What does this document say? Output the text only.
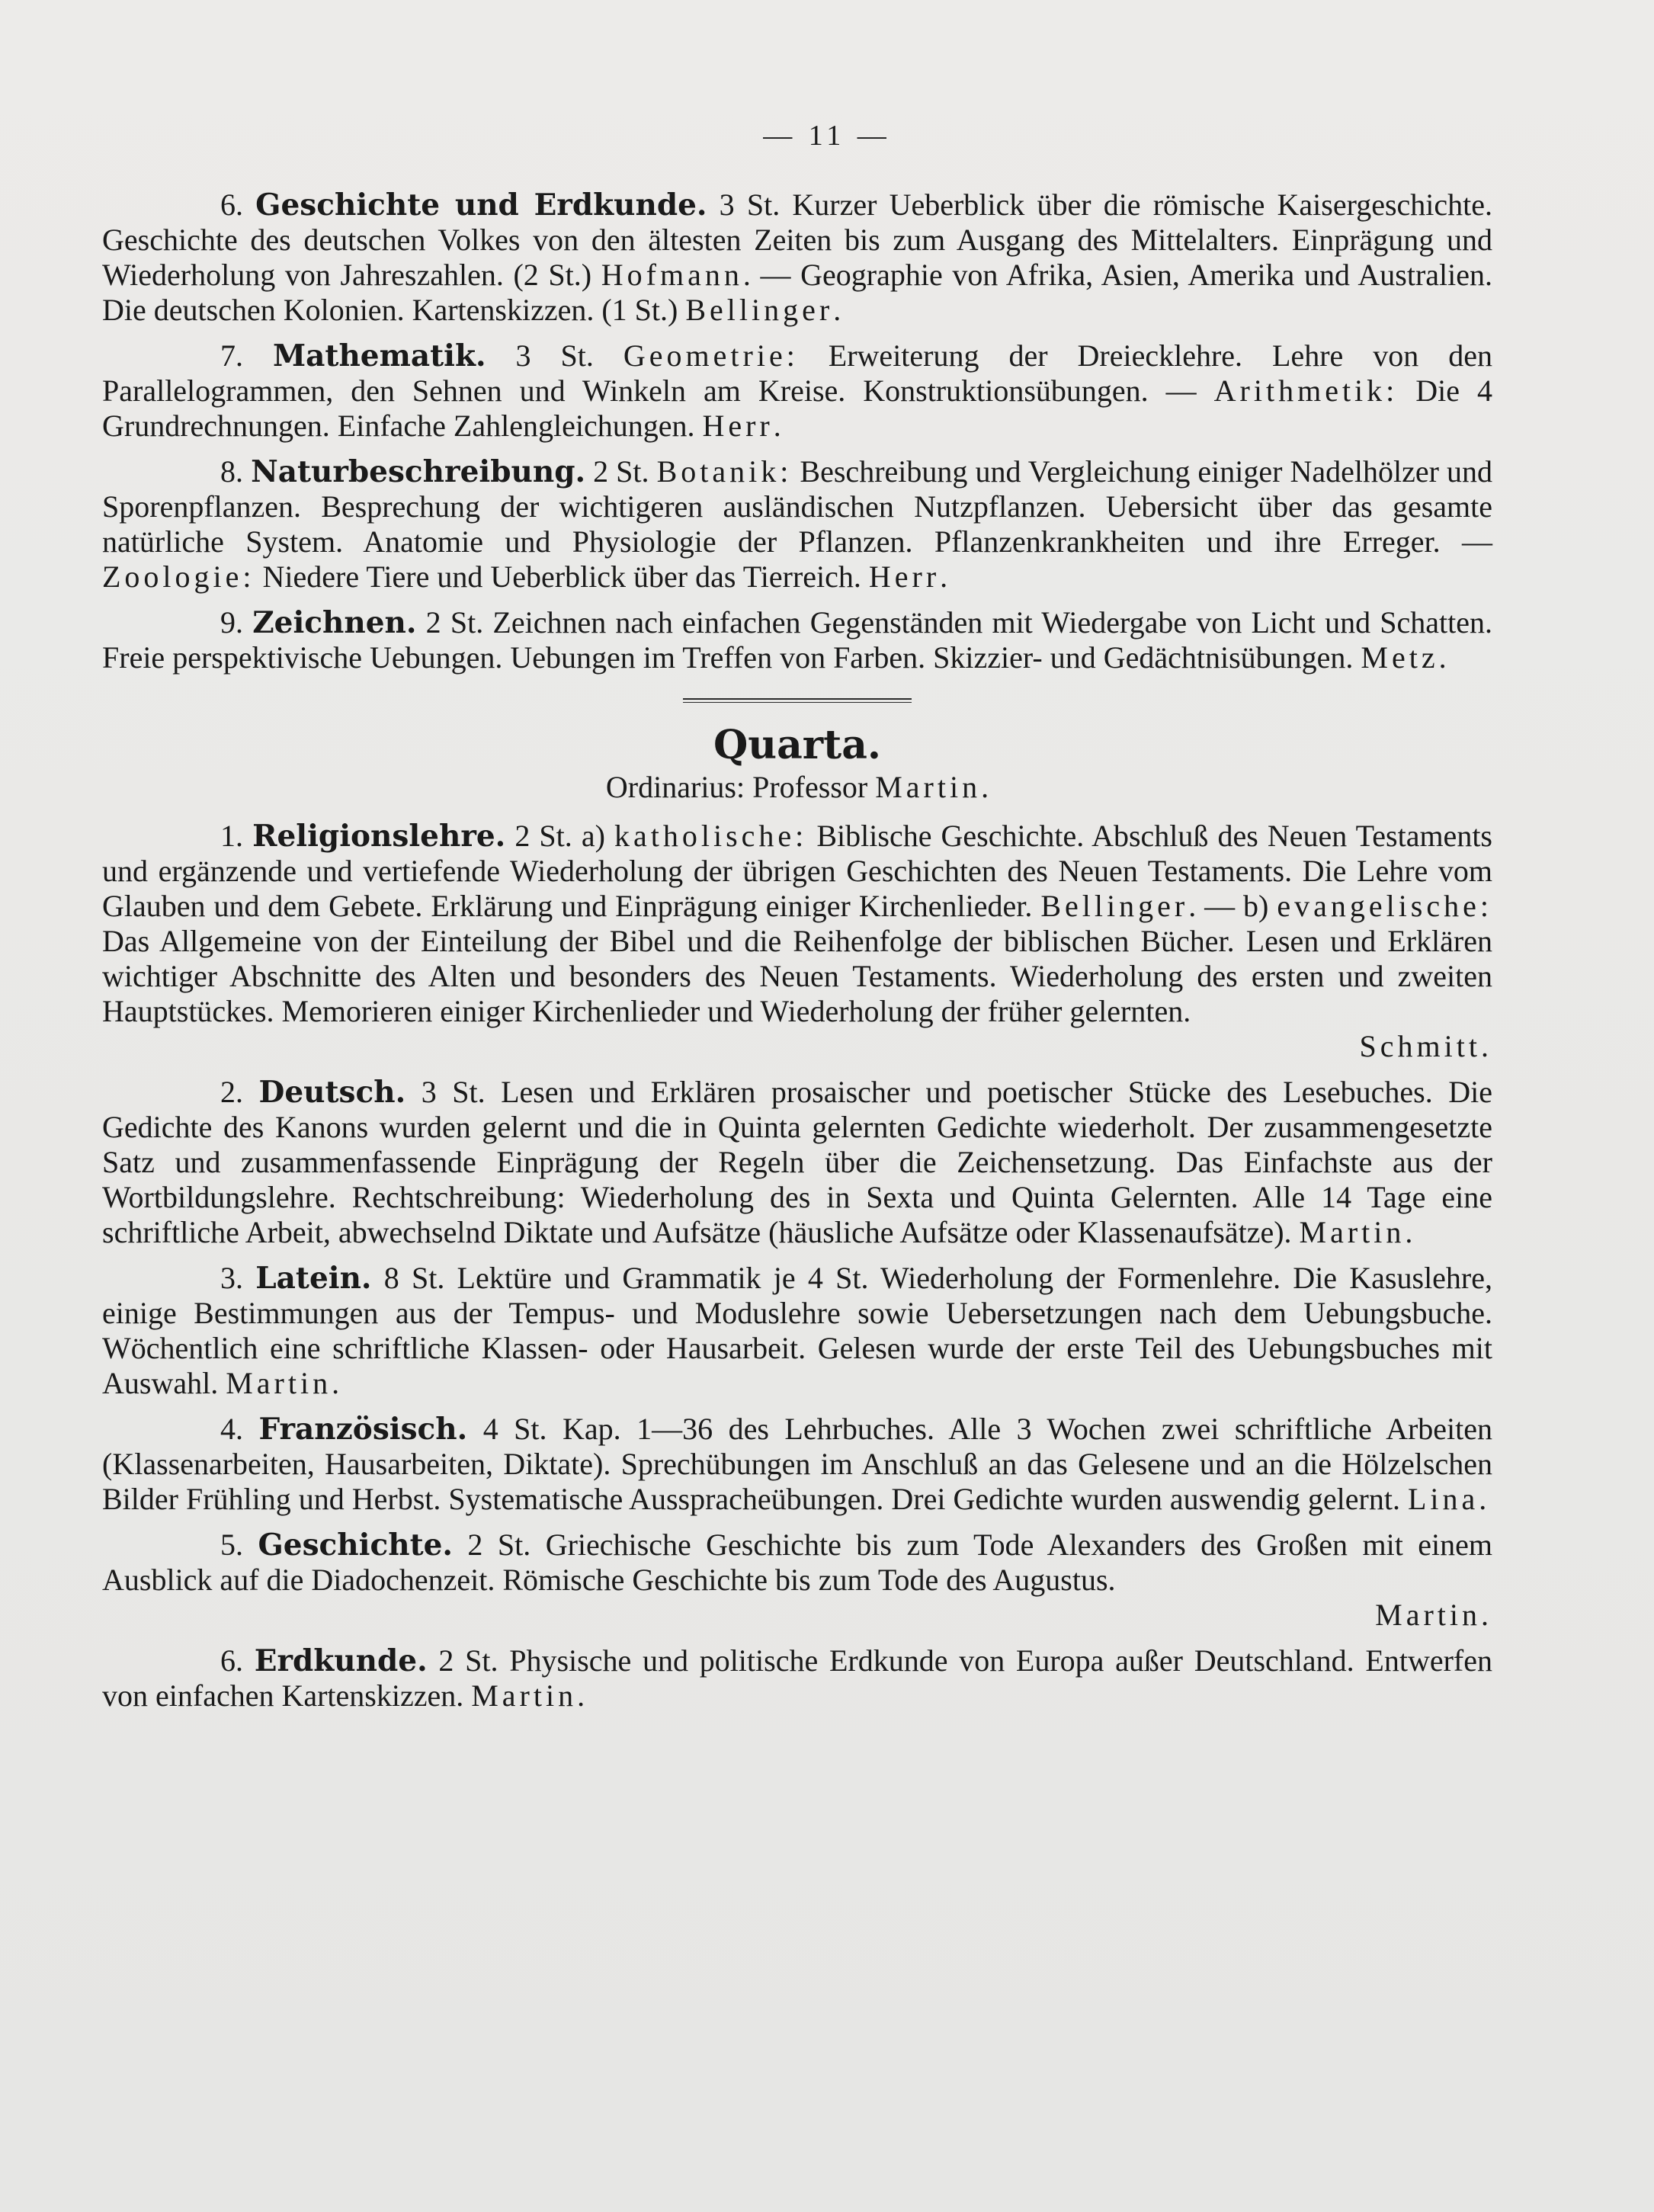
— 11 —

6. Geschichte und Erdkunde. 3 St. Kurzer Ueberblick über die römische Kaisergeschichte. Geschichte des deutschen Volkes von den ältesten Zeiten bis zum Ausgang des Mittelalters. Einprägung und Wiederholung von Jahreszahlen. (2 St.) Hofmann. — Geographie von Afrika, Asien, Amerika und Australien. Die deutschen Kolonien. Kartenskizzen. (1 St.) Bellinger.

7. Mathematik. 3 St. Geometrie: Erweiterung der Dreiecklehre. Lehre von den Parallelogrammen, den Sehnen und Winkeln am Kreise. Konstruktionsübungen. — Arithmetik: Die 4 Grundrechnungen. Einfache Zahlengleichungen. Herr.

8. Naturbeschreibung. 2 St. Botanik: Beschreibung und Vergleichung einiger Nadelhölzer und Sporenpflanzen. Besprechung der wichtigeren ausländischen Nutzpflanzen. Uebersicht über das gesamte natürliche System. Anatomie und Physiologie der Pflanzen. Pflanzenkrankheiten und ihre Erreger. — Zoologie: Niedere Tiere und Ueberblick über das Tierreich. Herr.

9. Zeichnen. 2 St. Zeichnen nach einfachen Gegenständen mit Wiedergabe von Licht und Schatten. Freie perspektivische Uebungen. Uebungen im Treffen von Farben. Skizzier- und Gedächtnisübungen. Metz.

Quarta.

Ordinarius: Professor Martin.

1. Religionslehre. 2 St. a) katholische: Biblische Geschichte. Abschluß des Neuen Testaments und ergänzende und vertiefende Wiederholung der übrigen Geschichten des Neuen Testaments. Die Lehre vom Glauben und dem Gebete. Erklärung und Einprägung einiger Kirchenlieder. Bellinger. — b) evangelische: Das Allgemeine von der Einteilung der Bibel und die Reihenfolge der biblischen Bücher. Lesen und Erklären wichtiger Abschnitte des Alten und besonders des Neuen Testaments. Wiederholung des ersten und zweiten Hauptstückes. Memorieren einiger Kirchenlieder und Wiederholung der früher gelernten.
Schmitt.

2. Deutsch. 3 St. Lesen und Erklären prosaischer und poetischer Stücke des Lesebuches. Die Gedichte des Kanons wurden gelernt und die in Quinta gelernten Gedichte wiederholt. Der zusammengesetzte Satz und zusammenfassende Einprägung der Regeln über die Zeichensetzung. Das Einfachste aus der Wortbildungslehre. Rechtschreibung: Wiederholung des in Sexta und Quinta Gelernten. Alle 14 Tage eine schriftliche Arbeit, abwechselnd Diktate und Aufsätze (häusliche Aufsätze oder Klassenaufsätze). Martin.

3. Latein. 8 St. Lektüre und Grammatik je 4 St. Wiederholung der Formenlehre. Die Kasuslehre, einige Bestimmungen aus der Tempus- und Moduslehre sowie Uebersetzungen nach dem Uebungsbuche. Wöchentlich eine schriftliche Klassen- oder Hausarbeit. Gelesen wurde der erste Teil des Uebungsbuches mit Auswahl. Martin.

4. Französisch. 4 St. Kap. 1—36 des Lehrbuches. Alle 3 Wochen zwei schriftliche Arbeiten (Klassenarbeiten, Hausarbeiten, Diktate). Sprechübungen im Anschluß an das Gelesene und an die Hölzelschen Bilder Frühling und Herbst. Systematische Ausspracheübungen. Drei Gedichte wurden auswendig gelernt. Lina.

5. Geschichte. 2 St. Griechische Geschichte bis zum Tode Alexanders des Großen mit einem Ausblick auf die Diadochenzeit. Römische Geschichte bis zum Tode des Augustus.
Martin.

6. Erdkunde. 2 St. Physische und politische Erdkunde von Europa außer Deutschland. Entwerfen von einfachen Kartenskizzen. Martin.
